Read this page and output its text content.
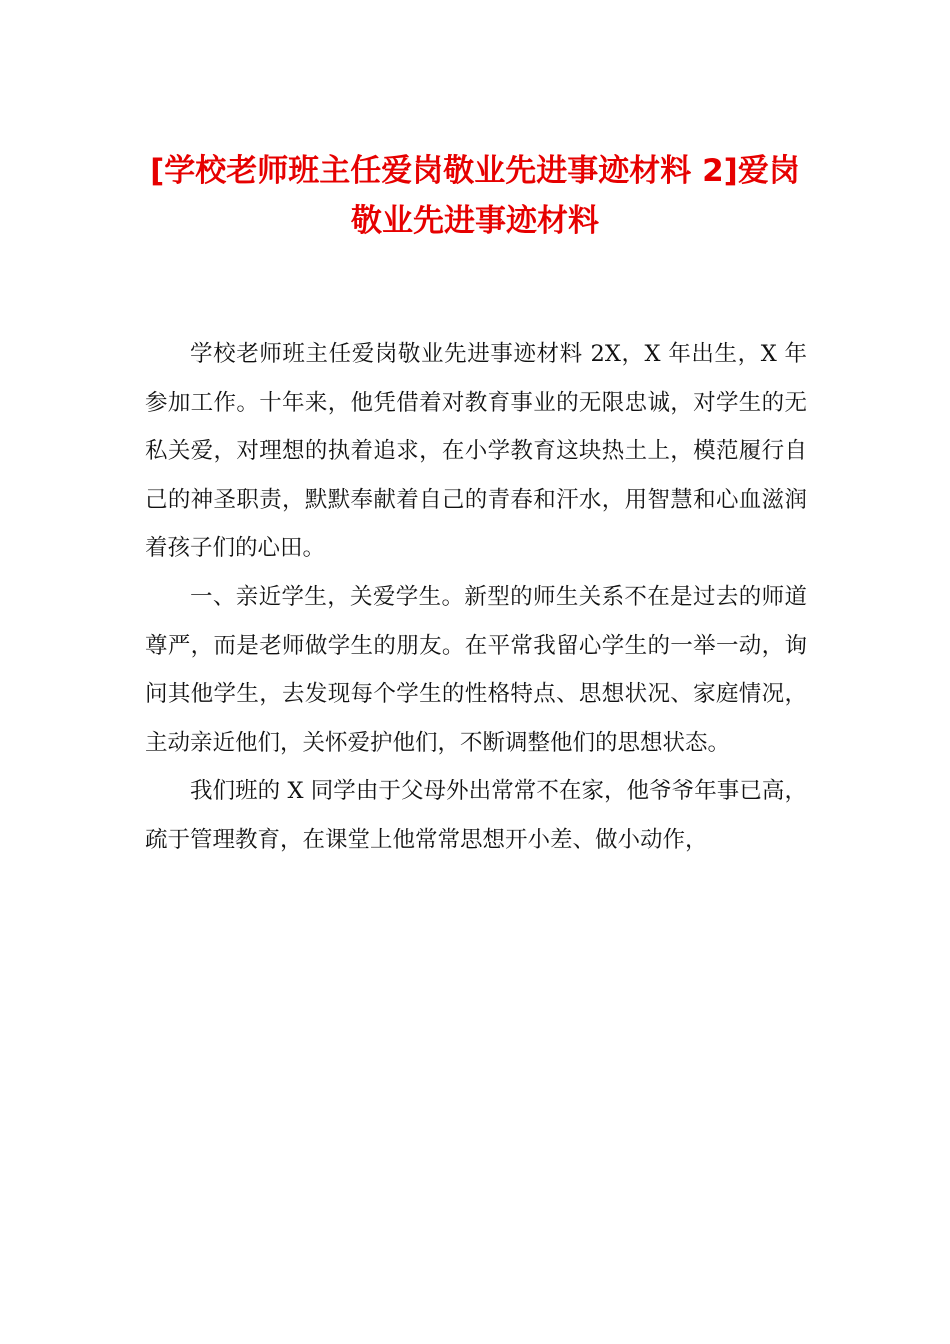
[学校老师班主任爱岗敬业先进事迹材料 2]爱岗敬业先进事迹材料

学校老师班主任爱岗敬业先进事迹材料 2X，X 年出生，X 年参加工作。十年来，他凭借着对教育事业的无限忠诚，对学生的无私关爱，对理想的执着追求，在小学教育这块热土上，模范履行自己的神圣职责，默默奉献着自己的青春和汗水，用智慧和心血滋润着孩子们的心田。

一、亲近学生，关爱学生。新型的师生关系不在是过去的师道尊严，而是老师做学生的朋友。在平常我留心学生的一举一动，询问其他学生，去发现每个学生的性格特点、思想状况、家庭情况，主动亲近他们，关怀爱护他们，不断调整他们的思想状态。

我们班的 X 同学由于父母外出常常不在家，他爷爷年事已高，疏于管理教育，在课堂上他常常思想开小差、做小动作，
